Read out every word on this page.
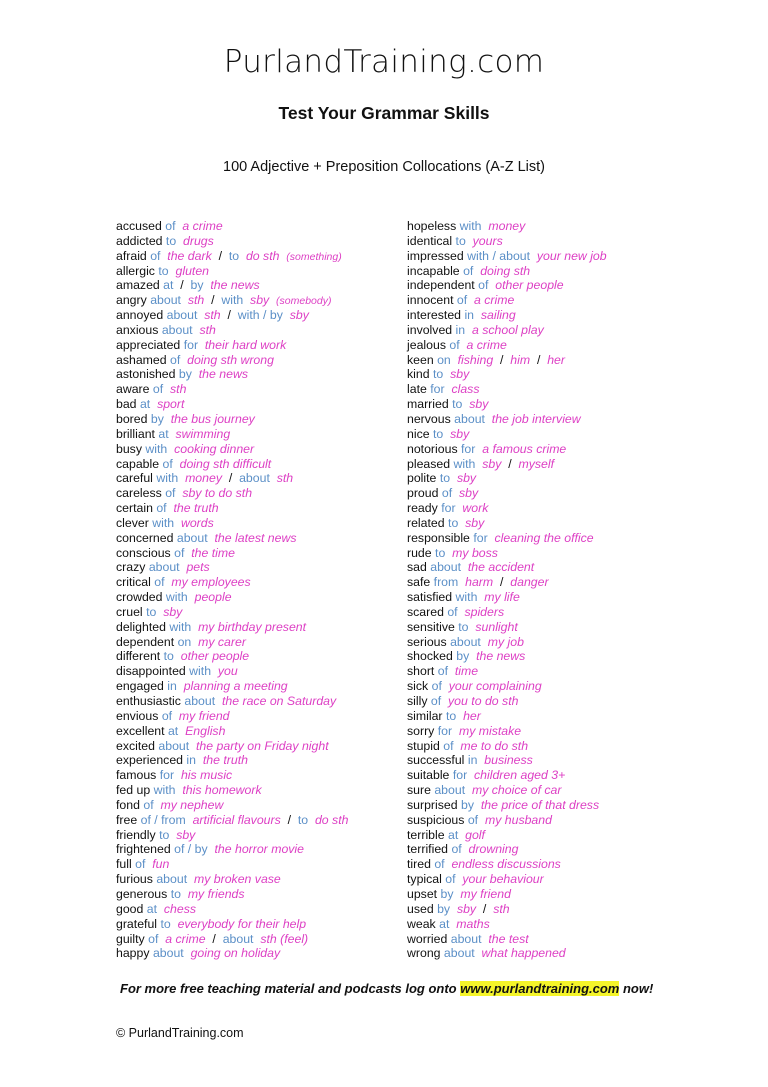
PurlandTraining.com
Test Your Grammar Skills
100 Adjective + Preposition Collocations (A-Z List)
accused of a crime
addicted to drugs
afraid of the dark / to do sth (something)
allergic to gluten
amazed at / by the news
angry about sth / with sby (somebody)
annoyed about sth / with / by sby
anxious about sth
appreciated for their hard work
ashamed of doing sth wrong
astonished by the news
aware of sth
bad at sport
bored by the bus journey
brilliant at swimming
busy with cooking dinner
capable of doing sth difficult
careful with money / about sth
careless of sby to do sth
certain of the truth
clever with words
concerned about the latest news
conscious of the time
crazy about pets
critical of my employees
crowded with people
cruel to sby
delighted with my birthday present
dependent on my carer
different to other people
disappointed with you
engaged in planning a meeting
enthusiastic about the race on Saturday
envious of my friend
excellent at English
excited about the party on Friday night
experienced in the truth
famous for his music
fed up with this homework
fond of my nephew
free of / from artificial flavours / to do sth
friendly to sby
frightened of / by the horror movie
full of fun
furious about my broken vase
generous to my friends
good at chess
grateful to everybody for their help
guilty of a crime / about sth (feel)
happy about going on holiday
hopeless with money
identical to yours
impressed with / about your new job
incapable of doing sth
independent of other people
innocent of a crime
interested in sailing
involved in a school play
jealous of a crime
keen on fishing / him / her
kind to sby
late for class
married to sby
nervous about the job interview
nice to sby
notorious for a famous crime
pleased with sby / myself
polite to sby
proud of sby
ready for work
related to sby
responsible for cleaning the office
rude to my boss
sad about the accident
safe from harm / danger
satisfied with my life
scared of spiders
sensitive to sunlight
serious about my job
shocked by the news
short of time
sick of your complaining
silly of you to do sth
similar to her
sorry for my mistake
stupid of me to do sth
successful in business
suitable for children aged 3+
sure about my choice of car
surprised by the price of that dress
suspicious of my husband
terrible at golf
terrified of drowning
tired of endless discussions
typical of your behaviour
upset by my friend
used by sby / sth
weak at maths
worried about the test
wrong about what happened
For more free teaching material and podcasts log onto www.purlandtraining.com now!
© PurlandTraining.com
